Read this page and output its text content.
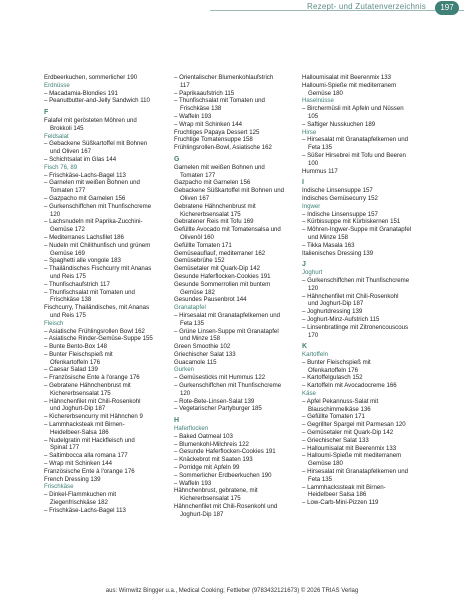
Rezept- und Zutatenverzeichnis	197
Erdbeerkuchen, sommerlicher 190
Erdnüsse
– Macadamia-Blondies 191
– Peanutbutter-and-Jelly Sandwich 110
F
Falafel mit gerösteten Möhren und
Brokkoli 145
Feldsalat
– Gebackene Süßkartoffel mit Bohnen
und Oliven 167
– Schichtsalat im Glas 144
Fisch 76, 89
– Frischkäse-Lachs-Bagel 113
– Garnelen mit weißen Bohnen und
Tomaten 177
– Gazpacho mit Garnelen 156
– Gurkenschiffchen mit Thunfischcreme
120
– Lachsnudeln mit Paprika-Zucchini-
Gemüse 172
– Mediterranes Lachsfilet 186
– Nudeln mit Chilithunfisch und grünem
Gemüse 169
– Spaghetti alle vongole 183
– Thailändisches Fischcurry mit Ananas
und Reis 175
– Thunfischaufstrich 117
– Thunfischsalat mit Tomaten und
Frischkäse 138
Fischcurry, Thailändisches, mit Ananas
und Reis 175
Fleisch
– Asiatische Frühlingsrollen Bowl 162
– Asiatische Rinder-Gemüse-Suppe 155
– Bunte Bento-Box 148
– Bunter Fleischspieß mit
Ofenkartoffeln 176
– Caesar Salad 139
– Französische Ente à l'orange 176
– Gebratene Hähnchenbrust mit
Kichererbsensalat 175
– Hähnchenfilet mit Chili-Rosenkohl
und Joghurt-Dip 187
– Kichererbsencurry mit Hähnchen 9
– Lammhacksteak mit Birnen-
Heidelbeer-Salsa 186
– Nudelgratin mit Hackfleisch und
Spinat 177
– Saltimbocca alla romana 177
– Wrap mit Schinken 144
Französische Ente à l'orange 176
French Dressing 139
Frischkäse
– Dinkel-Flammkuchen mit
Ziegenfrischkäse 182
– Frischkäse-Lachs-Bagel 113
– Orientalischer Blumenkohlaufstrich
117
– Paprikaaufstrich 115
– Thunfischsalat mit Tomaten und
Frischkäse 138
– Waffeln 193
– Wrap mit Schinken 144
Fruchtiges Papaya Dessert 125
Fruchtige Tomatensuppe 158
Frühlingsrollen-Bowl, Asiatische 162
G
Garnelen mit weißen Bohnen und
Tomaten 177
Gazpacho mit Garnelen 156
Gebackene Süßkartoffel mit Bohnen und
Oliven 167
Gebratene Hähnchenbrust mit
Kichererbsensalat 175
Gebratener Reis mit Tofu 169
Gefüllte Avocado mit Tomatensalsa und
Olivenöl 160
Gefüllte Tomaten 171
Gemüseauflauf, mediterraner 162
Gemüsebrühe 152
Gemüsetaler mit Quark-Dip 142
Gesunde Haferflocken-Cookies 191
Gesunde Sommerrollen mit buntem
Gemüse 182
Gesundes Pausenbrot 144
Granatapfel
– Hirsesalat mit Granatapfelkernen und
Feta 135
– Grüne Linsen-Suppe mit Granatapfel
und Minze 158
Green Smoothie 102
Griechischer Salat 133
Guacamole 115
Gurken
– Gemüsesticks mit Hummus 122
– Gurkenschiffchen mit Thunfischcreme
120
– Rote-Bete-Linsen-Salat 139
– Vegetarischer Partyburger 185
H
Haferflocken
– Baked Oatmeal 103
– Blumenkohl-Milchreis 122
– Gesunde Haferflocken-Cookies 191
– Knäckebrot mit Saaten 193
– Porridge mit Äpfeln 99
– Sommerlicher Erdbeerkuchen 190
– Waffeln 193
Hähnchenbrust, gebratene, mit
Kichererbsensalat 175
Hähnchenfilet mit Chili-Rosenkohl und
Joghurt-Dip 187
Halloumisalat mit Beerenmix 133
Halloumi-Spieße mit mediterranem
Gemüse 180
Haselnüsse
– Birchermüsli mit Äpfeln und Nüssen
105
– Saftiger Nusskuchen 189
Hirse
– Hirsesalat mit Granatapfelkernen und
Feta 135
– Süßer Hirsebrei mit Tofu und Beeren
100
Hummus 117
I
Indische Linsensuppe 157
Indisches Gemüsecurry 152
Ingwer
– Indische Linsensuppe 157
– Kürbissuppe mit Kürbiskernen 151
– Möhren-Ingwer-Suppe mit Granatapfel
und Minze 158
– Tikka Masala 163
Italienisches Dressing 139
J
Joghurt
– Gurkenschiffchen mit Thunfischcreme
120
– Hähnchenfilet mit Chili-Rosenkohl
und Joghurt-Dip 187
– Joghurtdressing 139
– Joghurt-Minz-Aufstrich 115
– Linsenbratlinge mit Zitronencouscous
170
K
Kartoffeln
– Bunter Fleischspieß mit
Ofenkartoffeln 176
– Kartoffelgulasch 152
– Kartoffeln mit Avocadocreme 166
Käse
– Apfel Pekannuss-Salat mit
Blauschimmelkäse 136
– Gefüllte Tomaten 171
– Gegrillter Spargel mit Parmesan 120
– Gemüsetaler mit Quark-Dip 142
– Griechischer Salat 133
– Halloumisalat mit Beerenmix 133
– Halloumi-Spieße mit mediterranem
Gemüse 180
– Hirsesalat mit Granatapfelkernen und
Feta 135
– Lammhackssteak mit Birnen-
Heidelbeer Salsa 186
– Low-Carb-Mini-Pizzen 119
aus: Wirnwitz Bingger u.a., Medical Cooking; Fettleber (9783432121673) © 2026 TRIAS Verlag
